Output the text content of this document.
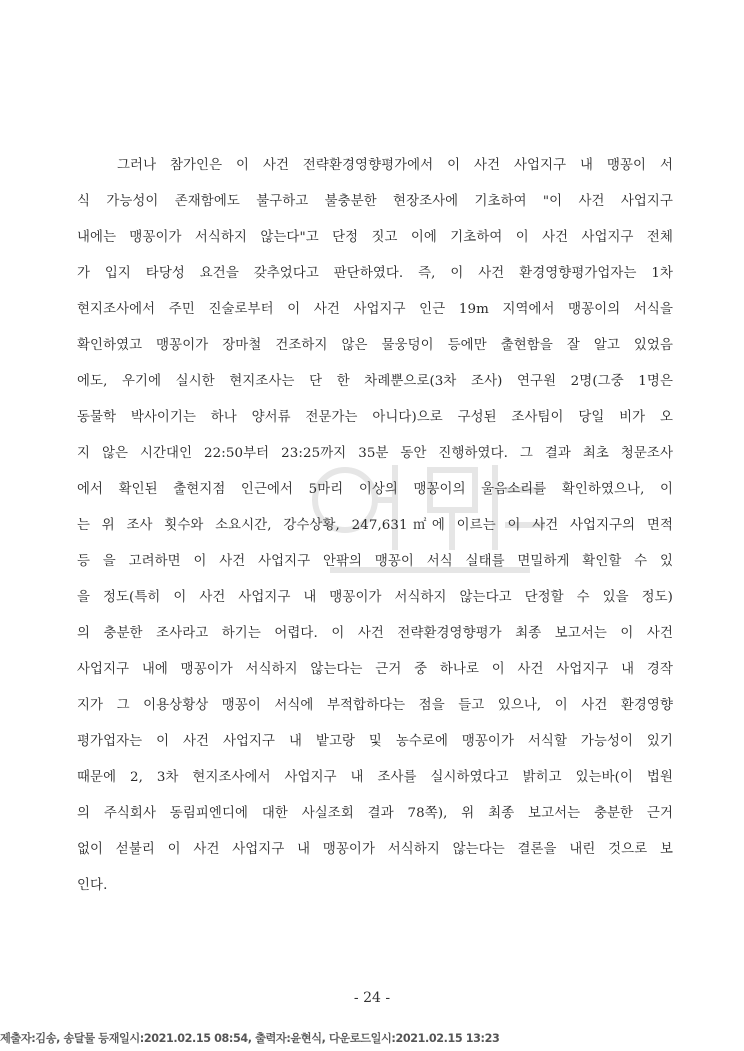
그러나 참가인은 이 사건 전략환경영향평가에서 이 사건 사업지구 내 맹꽁이 서
식 가능성이 존재함에도 불구하고 불충분한 현장조사에 기초하여 "이 사건 사업지구
내에는 맹꽁이가 서식하지 않는다"고 단정 짓고 이에 기초하여 이 사건 사업지구 전체
가 입지 타당성 요건을 갖추었다고 판단하였다. 즉, 이 사건 환경영향평가업자는 1차
현지조사에서 주민 진술로부터 이 사건 사업지구 인근 19m 지역에서 맹꽁이의 서식을
확인하였고 맹꽁이가 장마철 건조하지 않은 물웅덩이 등에만 출현함을 잘 알고 있었음
에도, 우기에 실시한 현지조사는 단 한 차례뿐으로(3차 조사) 연구원 2명(그중 1명은
동물학 박사이기는 하나 양서류 전문가는 아니다)으로 구성된 조사팀이 당일 비가 오
지 않은 시간대인 22:50부터 23:25까지 35분 동안 진행하였다. 그 결과 최초 청문조사
에서 확인된 출현지점 인근에서 5마리 이상의 맹꽁이의 울음소리를 확인하였으나, 이
는 위 조사 횟수와 소요시간, 강수상황, 247,631㎡에 이르는 이 사건 사업지구의 면적
등 을 고려하면 이 사건 사업지구 안팎의 맹꽁이 서식 실태를 면밀하게 확인할 수 있
을 정도(특히 이 사건 사업지구 내 맹꽁이가 서식하지 않는다고 단정할 수 있을 정도)
의 충분한 조사라고 하기는 어렵다. 이 사건 전략환경영향평가 최종 보고서는 이 사건
사업지구 내에 맹꽁이가 서식하지 않는다는 근거 중 하나로 이 사건 사업지구 내 경작
지가 그 이용상황상 맹꽁이 서식에 부적합하다는 점을 들고 있으나, 이 사건 환경영향
평가업자는 이 사건 사업지구 내 밭고랑 및 농수로에 맹꽁이가 서식할 가능성이 있기
때문에 2, 3차 현지조사에서 사업지구 내 조사를 실시하였다고 밝히고 있는바(이 법원
의 주식회사 동림피엔디에 대한 사실조회 결과 78쪽), 위 최종 보고서는 충분한 근거
없이 섣불리 이 사건 사업지구 내 맹꽁이가 서식하지 않는다는 결론을 내린 것으로 보
인다.
- 24 -
제출자:김송, 송달물 등재일시:2021.02.15 08:54, 출력자:윤현식, 다운로드일시:2021.02.15 13:23
